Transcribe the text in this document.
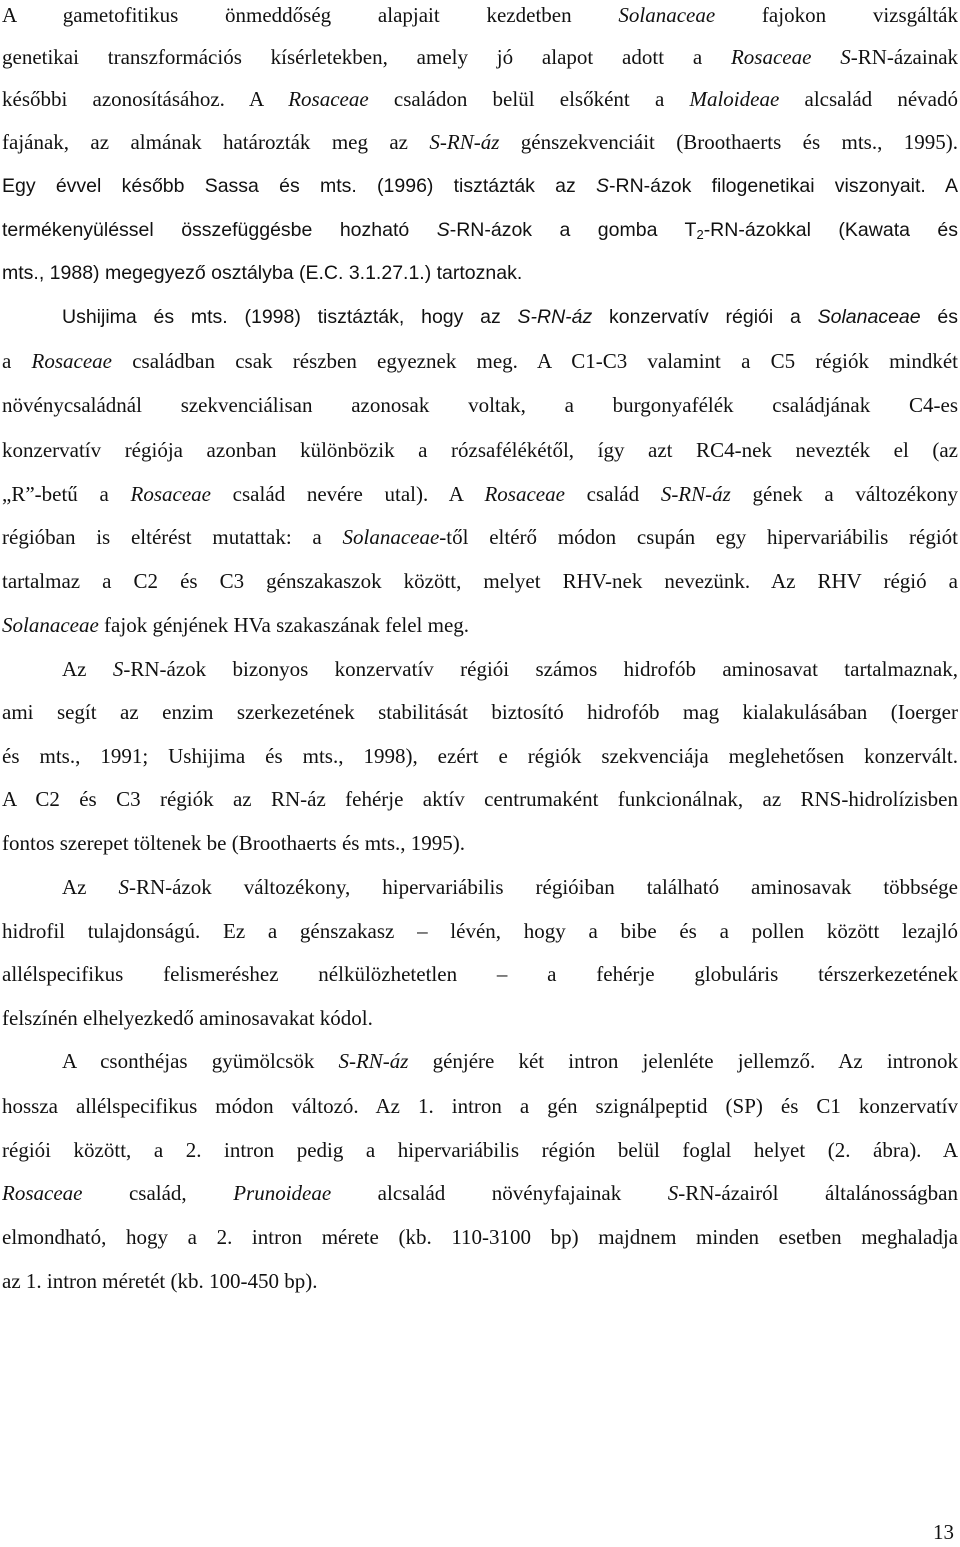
A gametofitikus önmeddőség alapjait kezdetben Solanaceae fajokon vizsgálták
genetikai transzformációs kísérletekben, amely jó alapot adott a Rosaceae S-RN-ázainak
későbbi azonosításához. A Rosaceae családon belül elsőként a Maloideae alcsalád névadó
fajának, az almának határozták meg az S-RN-áz génszekvenciáit (Broothaerts és mts., 1995).
Egy évvel később Sassa és mts. (1996) tisztázták az S-RN-ázok filogenetikai viszonyait. A
termékenyüléssel összefüggésbe hozható S-RN-ázok a gomba $T_2-RN$-ázokkal (Kawata és
mts., 1988) megegyező osztályba (E.C. 3.1.27.1.) tartoznak.
Ushijima és mts. (1998) tisztázták, hogy az S-RN-áz konzervatív régiói a Solanaceae és
a Rosaceae családban csak részben egyeznek meg. A C1-C3 valamint a C5 régiók mindkét
növénycsaládnál szekvenciálisan azonosak voltak, a burgonyafélék családjának C4-es
konzervatív régiója azonban különbözik a rózsafélékétől, így azt RC4-nek nevezték el (az
„R”-betű a Rosaceae család nevére utal). A Rosaceae család S-RN-áz gének a változékony
régióban is eltérést mutattak: a Solanaceae-től eltérő módon csupán egy hipervariábilis régiót
tartalmaz a C2 és C3 génszakaszok között, melyet RHV-nek nevezünk. Az RHV régió a
Solanaceae fajok génjének HVa szakaszának felel meg.
Az S-RN-ázok bizonyos konzervatív régiói számos hidrofób aminosavat tartalmaznak,
ami segít az enzim szerkezetének stabilitását biztosító hidrofób mag kialakulásában (Ioerger
és mts., 1991; Ushijima és mts., 1998), ezért e régiók szekvenciája meglehetősen konzervált.
A C2 és C3 régiók az RN-áz fehérje aktív centrumaként funkcionálnak, az RNS-hidrolízisben
fontos szerepet töltenek be (Broothaerts és mts., 1995).
Az S-RN-ázok változékony, hipervariábilis régióiban található aminosavak többsége
hidrofil tulajdonságú. Ez a génszakasz – lévén, hogy a bibe és a pollen között lezajló
allélspecifikus felismeréshez nélkülözhetetlen – a fehérje globuláris térszerkezetének
felszínén elhelyezkedő aminosavakat kódol.
A csonthéjas gyümölcsök S-RN-áz génjére két intron jelenléte jellemző. Az intronok
hossza allélspecifikus módon változó. Az 1. intron a gén szignálpeptid (SP) és C1 konzervatív
régiói között, a 2. intron pedig a hipervariábilis régión belül foglal helyet (2. ábra). A
Rosaceae család, Prunoideae alcsalád növényfajainak S-RN-ázairól általánosságban
elmondható, hogy a 2. intron mérete (kb. 110-3100 bp) majdnem minden esetben meghaladja
az 1. intron méretét (kb. 100-450 bp).
13
